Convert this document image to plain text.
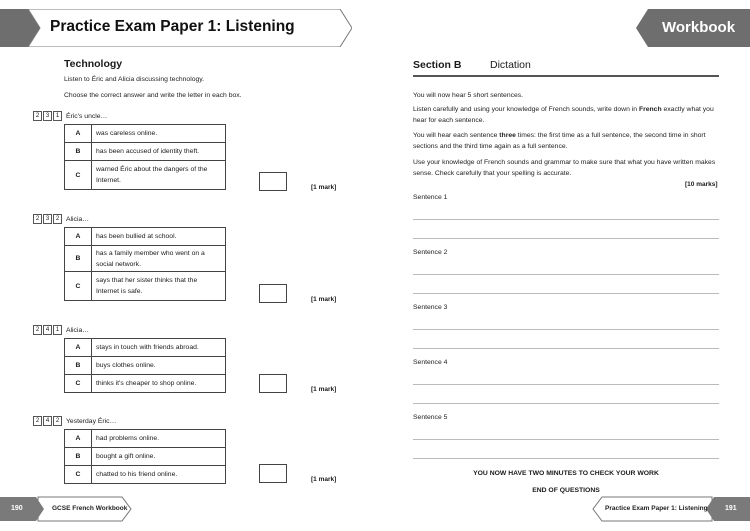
Practice Exam Paper 1: Listening	Workbook
Technology
Listen to Éric and Alicia discussing technology.
Choose the correct answer and write the letter in each box.
2	3	1	Éric's uncle…
A	was careless online.
B	has been accused of identity theft.
C	warned Éric about the dangers of the Internet.
[1 mark]
2	3	2	Alicia…
A	has been bullied at school.
B	has a family member who went on a social network.
C	says that her sister thinks that the Internet is safe.
[1 mark]
2	4	1	Alicia…
A	stays in touch with friends abroad.
B	buys clothes online.
C	thinks it's cheaper to shop online.
[1 mark]
2	4	2	Yesterday Éric…
A	had problems online.
B	bought a gift online.
C	chatted to his friend online.
[1 mark]
Section B	Dictation
You will now hear 5 short sentences.
Listen carefully and using your knowledge of French sounds, write down in French exactly what you hear for each sentence.
You will hear each sentence three times: the first time as a full sentence, the second time in short sections and the third time again as a full sentence.
Use your knowledge of French sounds and grammar to make sure that what you have written makes sense. Check carefully that your spelling is accurate.
[10 marks]
Sentence 1
Sentence 2
Sentence 3
Sentence 4
Sentence 5
YOU NOW HAVE TWO MINUTES TO CHECK YOUR WORK
END OF QUESTIONS
190	GCSE French Workbook	Practice Exam Paper 1: Listening 191
